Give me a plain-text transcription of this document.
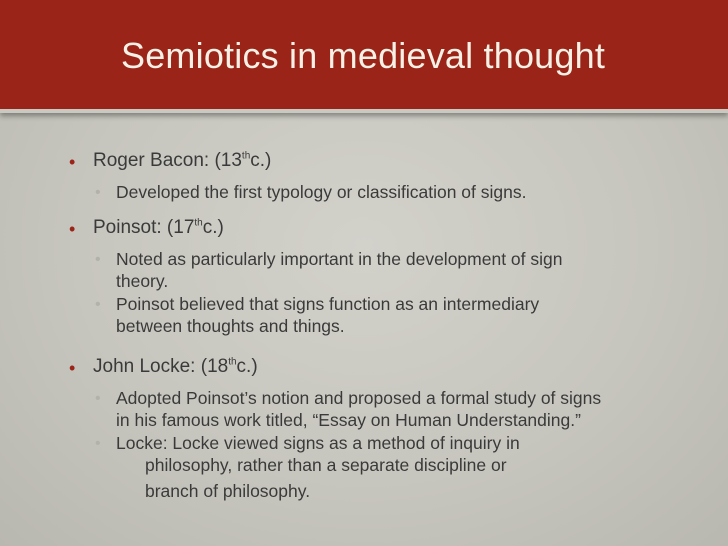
Semiotics in medieval thought
• Roger Bacon: (13thc.)
• Developed the first typology or classification of signs.
• Poinsot: (17thc.)
• Noted as particularly important in the development of sign
theory.
• Poinsot believed that signs function as an intermediary
between thoughts and things.
• John Locke: (18thc.)
• Adopted Poinsot’s notion and proposed a formal study of signs
in his famous work titled, “Essay on Human Understanding.”
• Locke: Locke viewed signs as a method of inquiry in
philosophy, rather than a separate discipline or
branch of philosophy.
